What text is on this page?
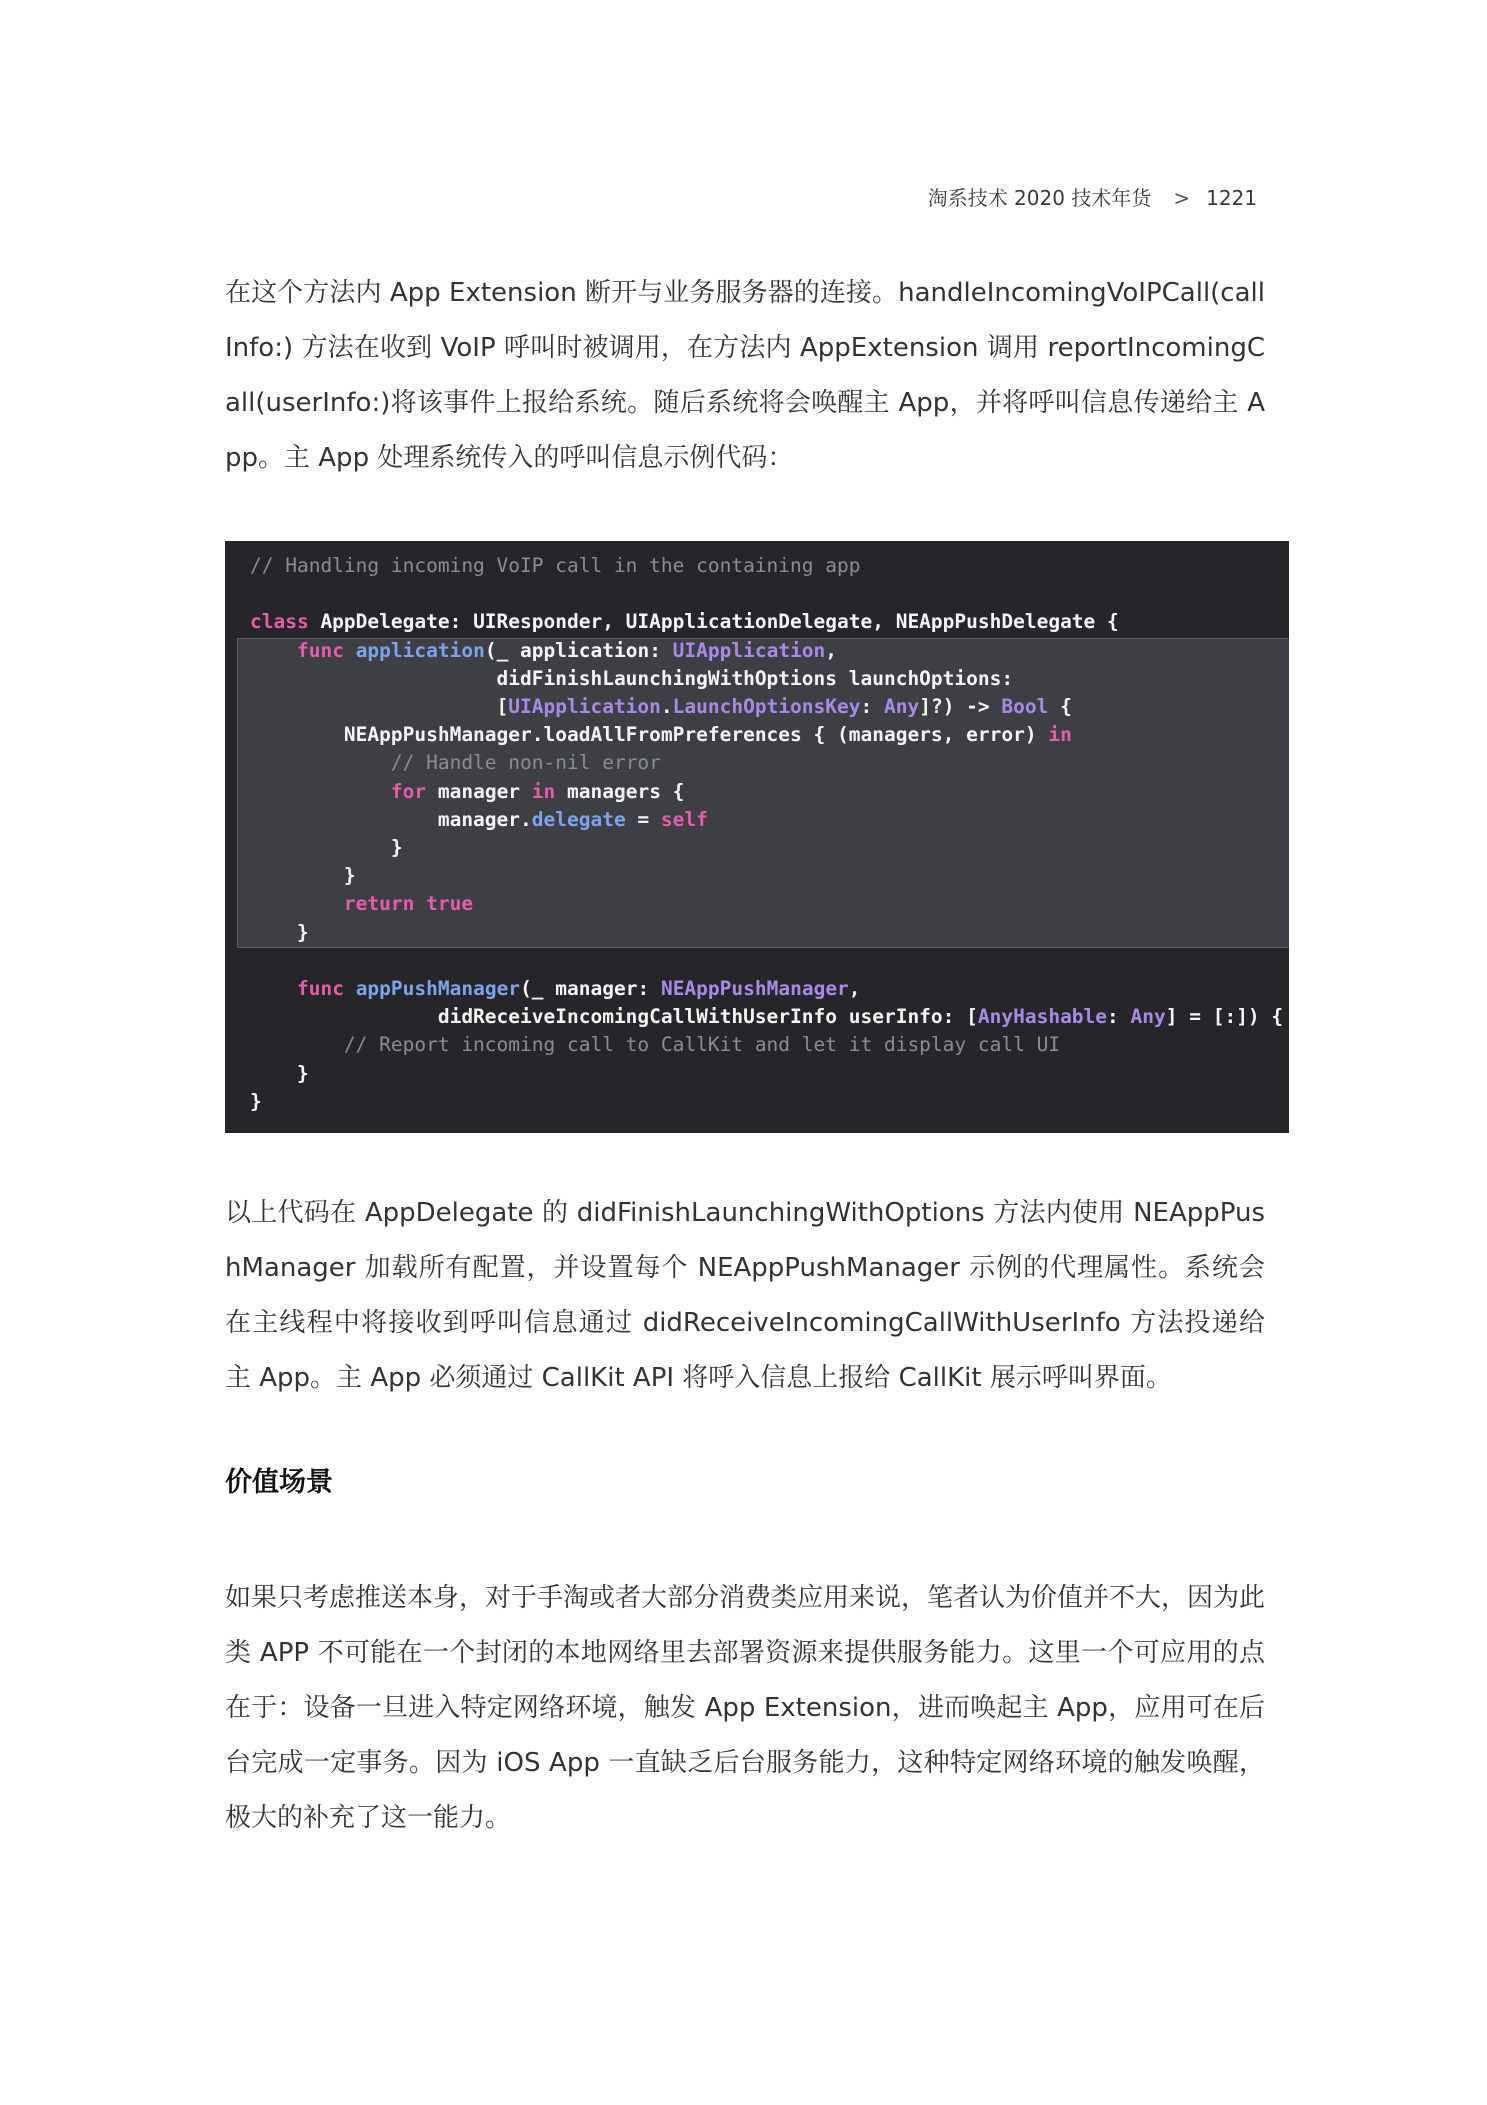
淘系技术 2020 技术年货 > 1221

在这个方法内 App Extension 断开与业务服务器的连接。handleIncomingVoIPCall(callInfo:) 方法在收到 VoIP 呼叫时被调用，在方法内 AppExtension 调用 reportIncomingCall(userInfo:)将该事件上报给系统。随后系统将会唤醒主 App，并将呼叫信息传递给主 App。主 App 处理系统传入的呼叫信息示例代码：

// Handling incoming VoIP call in the containing app

class AppDelegate: UIResponder, UIApplicationDelegate, NEAppPushDelegate {
func application(_ application: UIApplication,
didFinishLaunchingWithOptions launchOptions:
[UIApplication.LaunchOptionsKey: Any]?) -> Bool {
NEAppPushManager.loadAllFromPreferences { (managers, error) in
// Handle non-nil error
for manager in managers {
manager.delegate = self
}
}
return true
}

func appPushManager(_ manager: NEAppPushManager,
didReceiveIncomingCallWithUserInfo userInfo: [AnyHashable: Any] = [:]) {
// Report incoming call to CallKit and let it display call UI
}
}

以上代码在 AppDelegate 的 didFinishLaunchingWithOptions 方法内使用 NEAppPushManager 加载所有配置，并设置每个 NEAppPushManager 示例的代理属性。系统会在主线程中将接收到呼叫信息通过 didReceiveIncomingCallWithUserInfo 方法投递给主 App。主 App 必须通过 CallKit API 将呼入信息上报给 CallKit 展示呼叫界面。

价值场景

如果只考虑推送本身，对于手淘或者大部分消费类应用来说，笔者认为价值并不大，因为此类 APP 不可能在一个封闭的本地网络里去部署资源来提供服务能力。这里一个可应用的点在于：设备一旦进入特定网络环境，触发 App Extension，进而唤起主 App，应用可在后台完成一定事务。因为 iOS App 一直缺乏后台服务能力，这种特定网络环境的触发唤醒，极大的补充了这一能力。
